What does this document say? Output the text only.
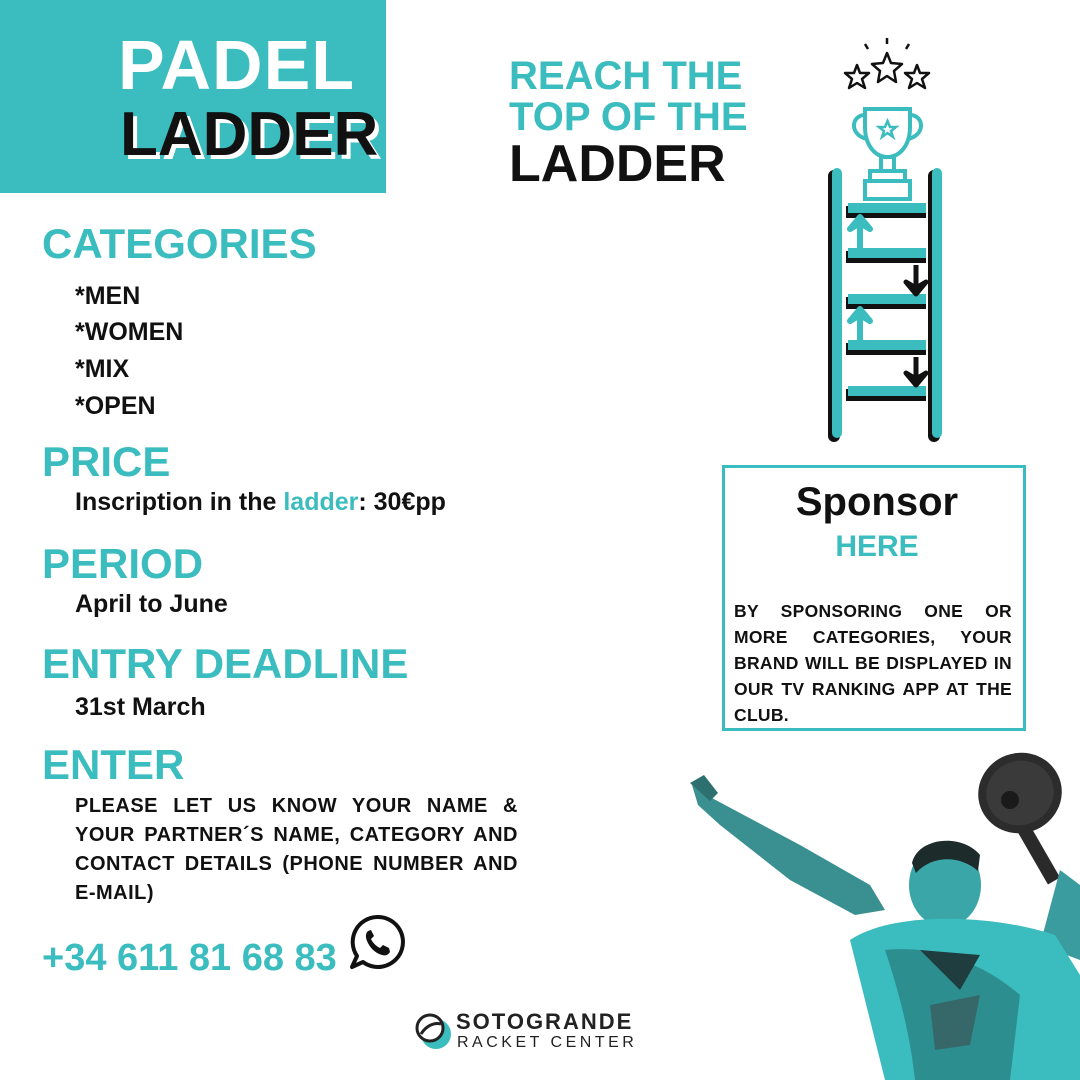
PADEL
LADDER
REACH THE
TOP OF THE
LADDER
CATEGORIES
*MEN
*WOMEN
*MIX
*OPEN
PRICE
Inscription in the ladder: 30€pp
PERIOD
April to June
ENTRY DEADLINE
31st March
ENTER
PLEASE LET US KNOW YOUR NAME & YOUR PARTNER´S NAME, CATEGORY AND CONTACT DETAILS (PHONE NUMBER AND E-MAIL)
+34 611 81 68 83
Sponsor
HERE
BY SPONSORING ONE OR MORE CATEGORIES, YOUR BRAND WILL BE DISPLAYED IN OUR TV RANKING APP AT THE CLUB.
SOTOGRANDE
RACKET CENTER
